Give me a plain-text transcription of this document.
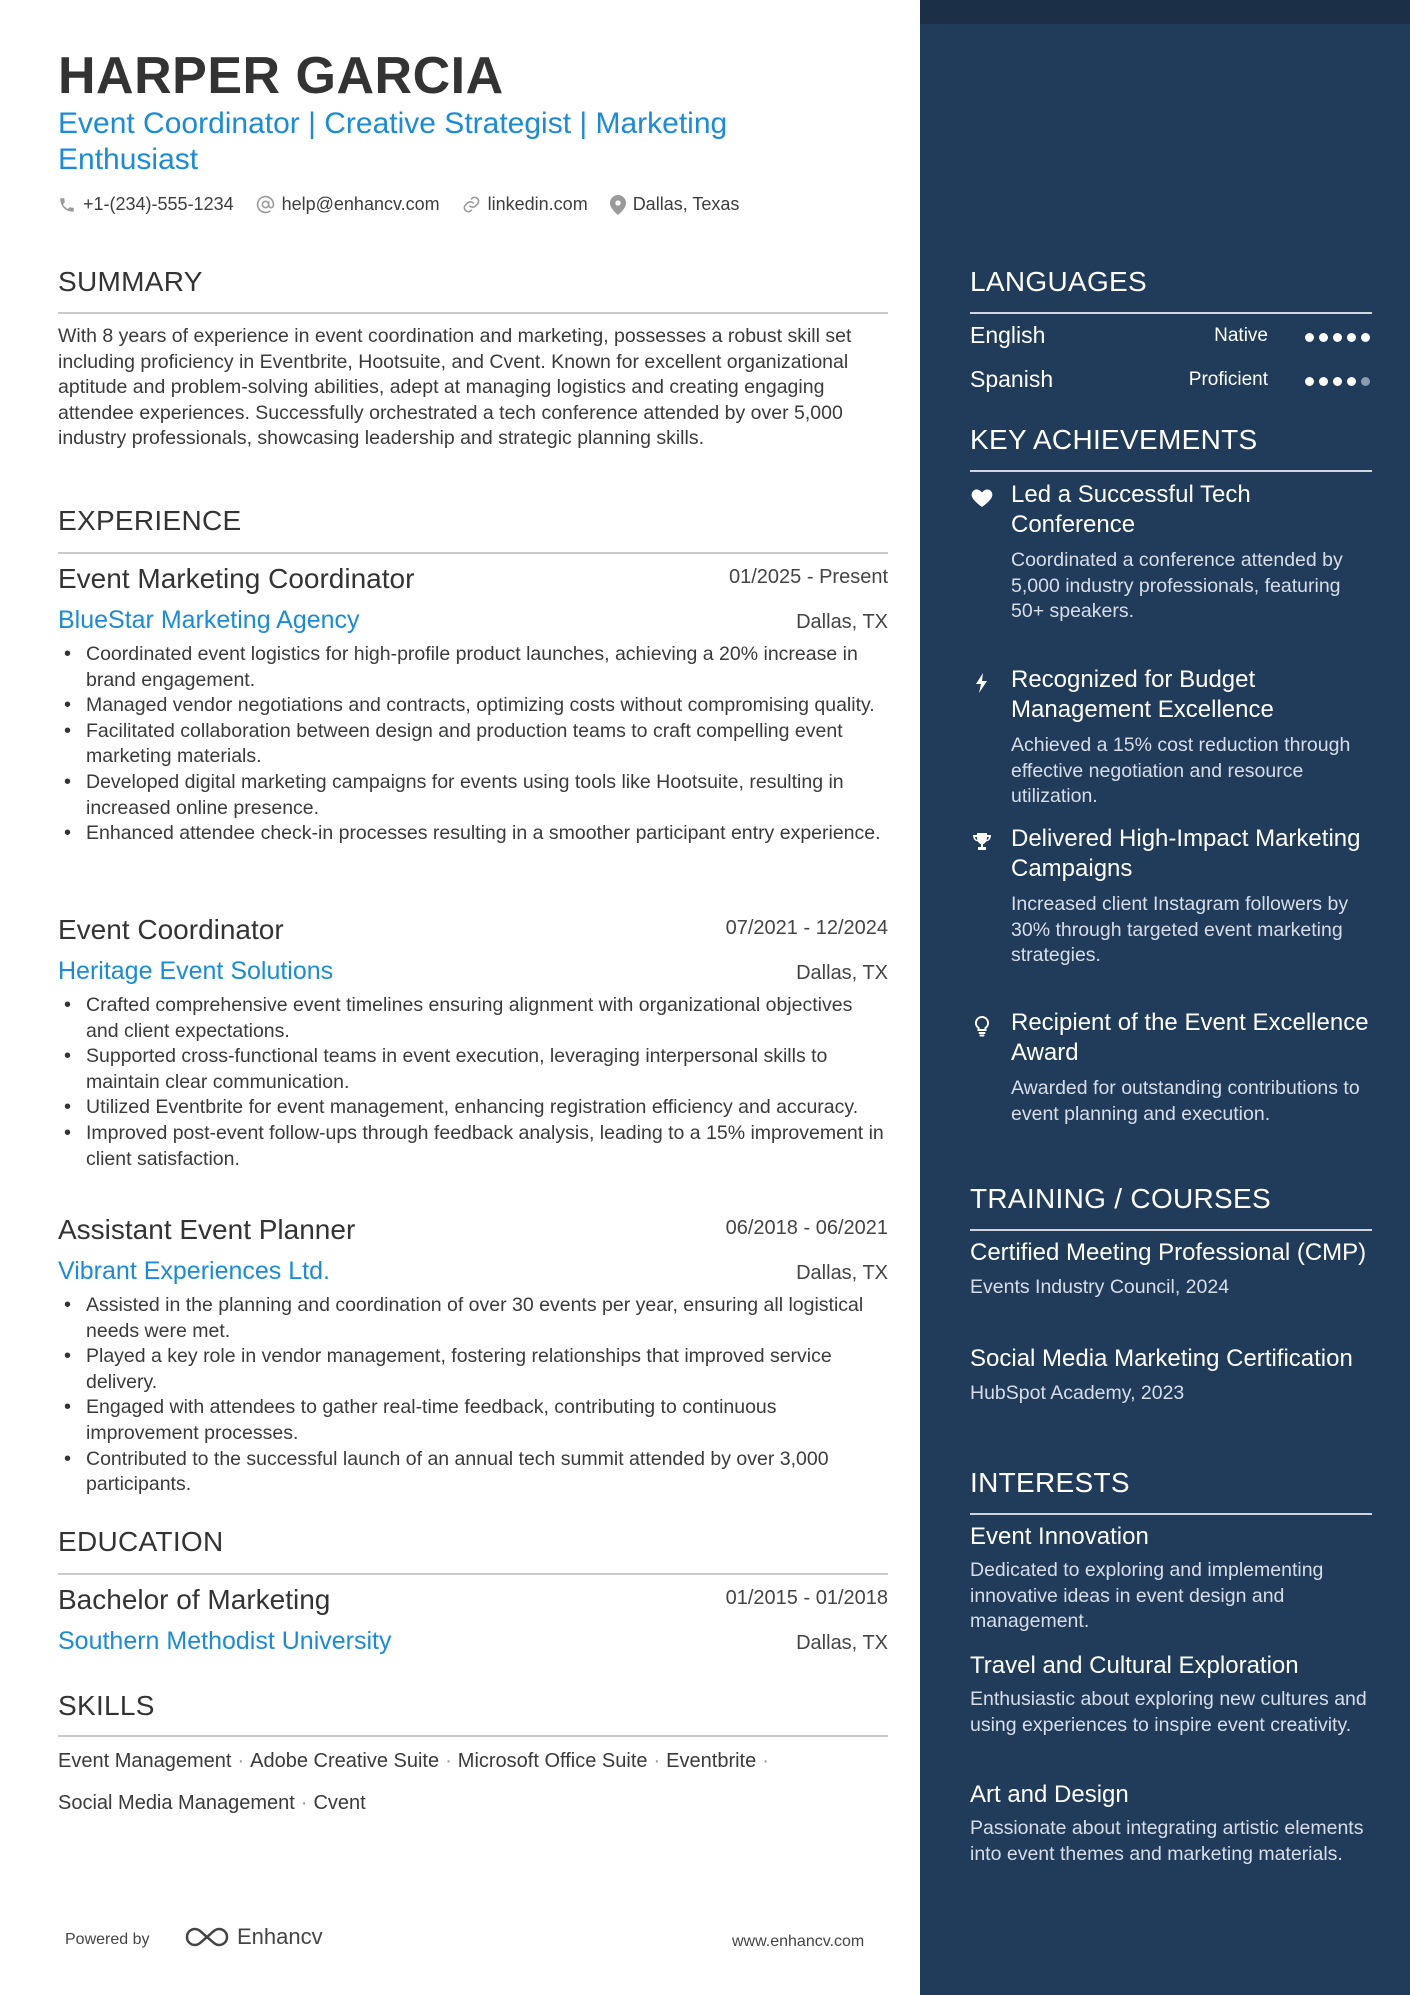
HARPER GARCIA
Event Coordinator | Creative Strategist | Marketing Enthusiast
+1-(234)-555-1234	help@enhancv.com	linkedin.com	Dallas, Texas
SUMMARY
With 8 years of experience in event coordination and marketing, possesses a robust skill set including proficiency in Eventbrite, Hootsuite, and Cvent. Known for excellent organizational aptitude and problem-solving abilities, adept at managing logistics and creating engaging attendee experiences. Successfully orchestrated a tech conference attended by over 5,000 industry professionals, showcasing leadership and strategic planning skills.
EXPERIENCE
Event Marketing Coordinator	01/2025 - Present
BlueStar Marketing Agency	Dallas, TX
• Coordinated event logistics for high-profile product launches, achieving a 20% increase in brand engagement.
• Managed vendor negotiations and contracts, optimizing costs without compromising quality.
• Facilitated collaboration between design and production teams to craft compelling event marketing materials.
• Developed digital marketing campaigns for events using tools like Hootsuite, resulting in increased online presence.
• Enhanced attendee check-in processes resulting in a smoother participant entry experience.
Event Coordinator	07/2021 - 12/2024
Heritage Event Solutions	Dallas, TX
• Crafted comprehensive event timelines ensuring alignment with organizational objectives and client expectations.
• Supported cross-functional teams in event execution, leveraging interpersonal skills to maintain clear communication.
• Utilized Eventbrite for event management, enhancing registration efficiency and accuracy.
• Improved post-event follow-ups through feedback analysis, leading to a 15% improvement in client satisfaction.
Assistant Event Planner	06/2018 - 06/2021
Vibrant Experiences Ltd.	Dallas, TX
• Assisted in the planning and coordination of over 30 events per year, ensuring all logistical needs were met.
• Played a key role in vendor management, fostering relationships that improved service delivery.
• Engaged with attendees to gather real-time feedback, contributing to continuous improvement processes.
• Contributed to the successful launch of an annual tech summit attended by over 3,000 participants.
EDUCATION
Bachelor of Marketing	01/2015 - 01/2018
Southern Methodist University	Dallas, TX
SKILLS
Event Management · Adobe Creative Suite · Microsoft Office Suite · Eventbrite ·
Social Media Management · Cvent
Powered by	Enhancv	www.enhancv.com
LANGUAGES
English	Native
Spanish	Proficient
KEY ACHIEVEMENTS
Led a Successful Tech Conference
Coordinated a conference attended by 5,000 industry professionals, featuring 50+ speakers.
Recognized for Budget Management Excellence
Achieved a 15% cost reduction through effective negotiation and resource utilization.
Delivered High-Impact Marketing Campaigns
Increased client Instagram followers by 30% through targeted event marketing strategies.
Recipient of the Event Excellence Award
Awarded for outstanding contributions to event planning and execution.
TRAINING / COURSES
Certified Meeting Professional (CMP)
Events Industry Council, 2024
Social Media Marketing Certification
HubSpot Academy, 2023
INTERESTS
Event Innovation
Dedicated to exploring and implementing innovative ideas in event design and management.
Travel and Cultural Exploration
Enthusiastic about exploring new cultures and using experiences to inspire event creativity.
Art and Design
Passionate about integrating artistic elements into event themes and marketing materials.
